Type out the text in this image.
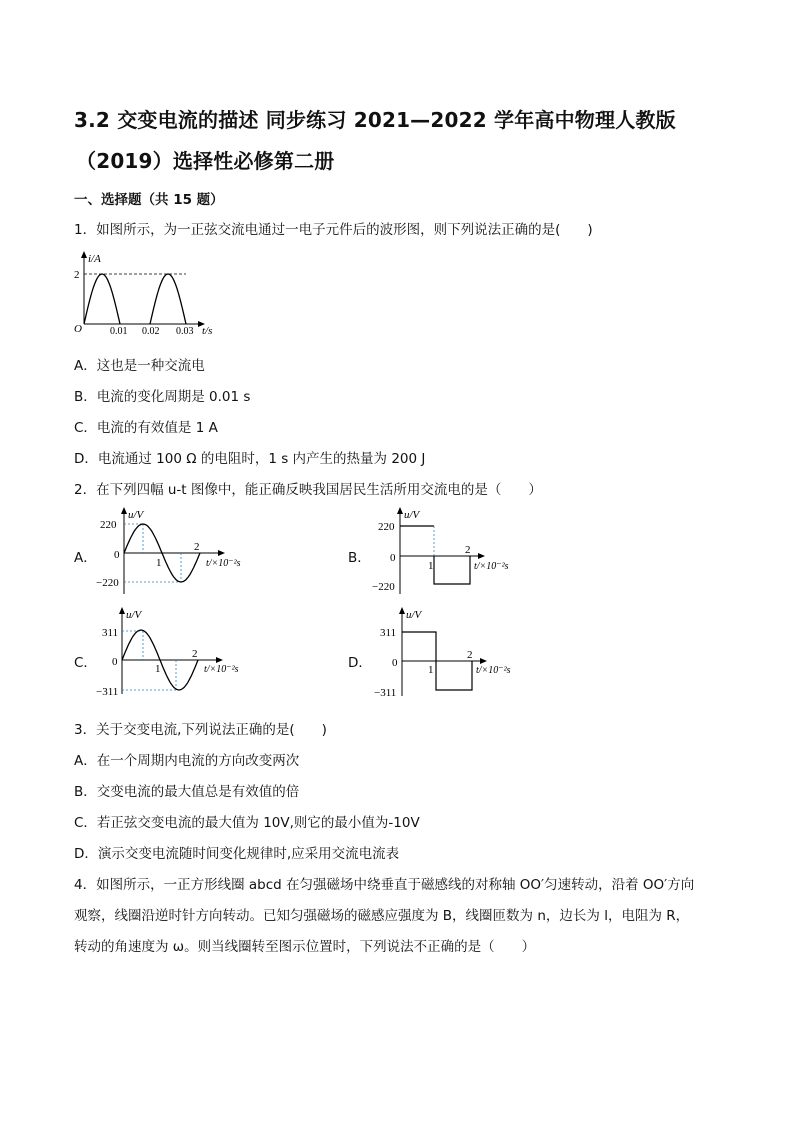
3.2 交变电流的描述 同步练习 2021—2022 学年高中物理人教版
（2019）选择性必修第二册
一、选择题（共 15 题）
1．如图所示，为一正弦交流电通过一电子元件后的波形图，则下列说法正确的是(　　)
i/A
2
O	0.01 0.02 0.03 t/s
A．这也是一种交流电
B．电流的变化周期是 0.01 s
C．电流的有效值是 1 A
D．电流通过 100 Ω 的电阻时，1 s 内产生的热量为 200 J
2．在下列四幅 u-t 图像中，能正确反映我国居民生活所用交流电的是（　　）
A．
u/V
220
0
−220
1
2
t/×10⁻²s	B．
u/V
220
0
−220
1
2
t/×10⁻²s
C．
u/V
311
0
−311
1
2
t/×10⁻²s	D．
u/V
311
0
−311
1
2
t/×10⁻²s
3．关于交变电流,下列说法正确的是(　　)
A．在一个周期内电流的方向改变两次
B．交变电流的最大值总是有效值的倍
C．若正弦交变电流的最大值为 10V,则它的最小值为-10V
D．演示交变电流随时间变化规律时,应采用交流电流表
4．如图所示，一正方形线圈 abcd 在匀强磁场中绕垂直于磁感线的对称轴 OO′匀速转动，沿着 OO′方向
观察，线圈沿逆时针方向转动。已知匀强磁场的磁感应强度为 B，线圈匝数为 n，边长为 l，电阻为 R，
转动的角速度为 ω。则当线圈转至图示位置时，下列说法不正确的是（　　）
